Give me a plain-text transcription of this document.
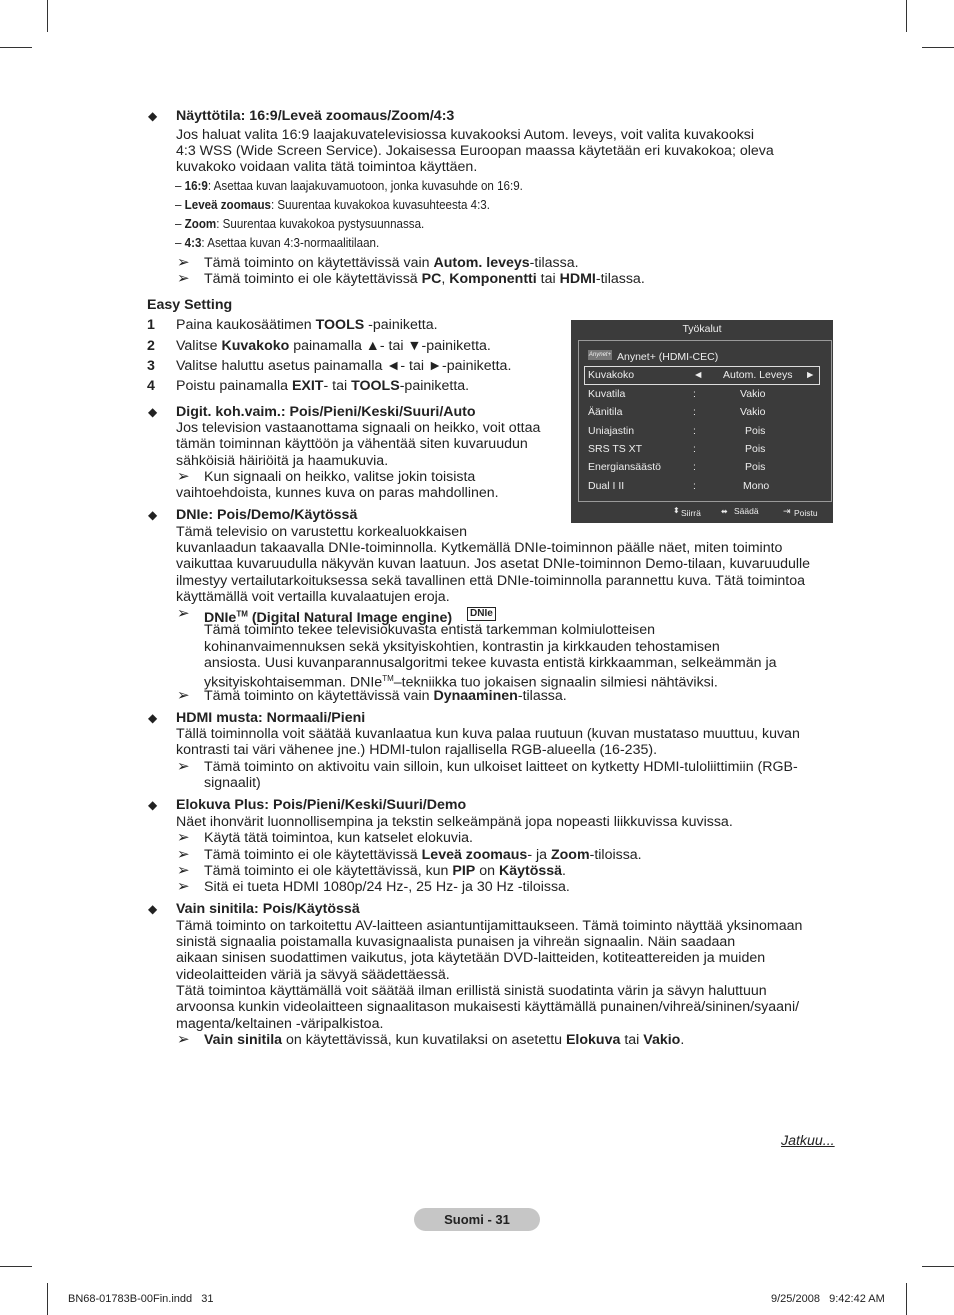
◆ Näyttötila: 16:9/Leveä zoomaus/Zoom/4:3
Jos haluat valita 16:9 laajakuvatelevisiossa kuvakooksi Autom. leveys, voit valita kuvakooksi
4:3 WSS (Wide Screen Service). Jokaisessa Euroopan maassa käytetään eri kuvakokoa; oleva
kuvakoko voidaan valita tätä toimintoa käyttäen.
– 16:9: Asettaa kuvan laajakuvamuotoon, jonka kuvasuhde on 16:9.
– Leveä zoomaus: Suurentaa kuvakokoa kuvasuhteesta 4:3.
– Zoom: Suurentaa kuvakokoa pystysuunnassa.
– 4:3: Asettaa kuvan 4:3-normaalitilaan.
➢ Tämä toiminto on käytettävissä vain Autom. leveys-tilassa.
➢ Tämä toiminto ei ole käytettävissä PC, Komponentti tai HDMI-tilassa.
Easy Setting
1 Paina kaukosäätimen TOOLS -painiketta.
2 Valitse Kuvakoko painamalla ▲- tai ▼-painiketta.
3 Valitse haluttu asetus painamalla ◄- tai ►-painiketta.
4 Poistu painamalla EXIT- tai TOOLS-painiketta.
Työkalut
Anynet+ Anynet+ (HDMI-CEC)
Kuvakoko	◄ Autom. Leveys ►
Kuvatila	:	Vakio
Äänitila	:	Vakio
Uniajastin	:	Pois
SRS TS XT	:	Pois
Energiansäästö	:	Pois
Dual I II	:	Mono
⬍ Siirrä	⬌ Säädä	⇥ Poistu
◆ Digit. koh.vaim.: Pois/Pieni/Keski/Suuri/Auto
Jos television vastaanottama signaali on heikko, voit ottaa
tämän toiminnan käyttöön ja vähentää siten kuvaruudun
sähköisiä häiriöitä ja haamukuvia.
➢ Kun signaali on heikko, valitse jokin toisista
vaihtoehdoista, kunnes kuva on paras mahdollinen.
◆ DNIe: Pois/Demo/Käytössä
Tämä televisio on varustettu korkealuokkaisen
kuvanlaadun takaavalla DNIe-toiminnolla. Kytkemällä DNIe-toiminnon päälle näet, miten toiminto
vaikuttaa kuvaruudulla näkyvän kuvan laatuun. Jos asetat DNIe-toiminnon Demo-tilaan, kuvaruudulle
ilmestyy vertailutarkoituksessa sekä tavallinen että DNIe-toiminnolla parannettu kuva. Tätä toimintoa
käyttämällä voit vertailla kuvalaatujen eroja.
➢ DNIe™ (Digital Natural Image engine)	DNIe
Tämä toiminto tekee televisiokuvasta entistä tarkemman kolmiulotteisen
kohinanvaimennuksen sekä yksityiskohtien, kontrastin ja kirkkauden tehostamisen
ansiosta. Uusi kuvanparannusalgoritmi tekee kuvasta entistä kirkkaamman, selkeämmän ja
yksityiskohtaisemman. DNIe™–tekniikka tuo jokaisen signaalin silmiesi nähtäviksi.
➢ Tämä toiminto on käytettävissä vain Dynaaminen-tilassa.
◆ HDMI musta: Normaali/Pieni
Tällä toiminnolla voit säätää kuvanlaatua kun kuva palaa ruutuun (kuvan mustataso muuttuu, kuvan
kontrasti tai väri vähenee jne.) HDMI-tulon rajallisella RGB-alueella (16-235).
➢ Tämä toiminto on aktivoitu vain silloin, kun ulkoiset laitteet on kytketty HDMI-tuloliittimiin (RGB-
signaalit)
◆ Elokuva Plus: Pois/Pieni/Keski/Suuri/Demo
Näet ihonvärit luonnollisempina ja tekstin selkeämpänä jopa nopeasti liikkuvissa kuvissa.
➢ Käytä tätä toimintoa, kun katselet elokuvia.
➢ Tämä toiminto ei ole käytettävissä Leveä zoomaus- ja Zoom-tiloissa.
➢ Tämä toiminto ei ole käytettävissä, kun PIP on Käytössä.
➢ Sitä ei tueta HDMI 1080p/24 Hz-, 25 Hz- ja 30 Hz -tiloissa.
◆ Vain sinitila: Pois/Käytössä
Tämä toiminto on tarkoitettu AV-laitteen asiantuntijamittaukseen. Tämä toiminto näyttää yksinomaan
sinistä signaalia poistamalla kuvasignaalista punaisen ja vihreän signaalin. Näin saadaan
aikaan sinisen suodattimen vaikutus, jota käytetään DVD-laitteiden, kotiteattereiden ja muiden
videolaitteiden väriä ja sävyä säädettäessä.
Tätä toimintoa käyttämällä voit säätää ilman erillistä sinistä suodatinta värin ja sävyn haluttuun
arvoonsa kunkin videolaitteen signaalitason mukaisesti käyttämällä punainen/vihreä/sininen/syaani/
magenta/keltainen -väripalkistoa.
➢ Vain sinitila on käytettävissä, kun kuvatilaksi on asetettu Elokuva tai Vakio.
Jatkuu...
Suomi - 31
BN68-01783B-00Fin.indd   31	9/25/2008   9:42:42 AM
